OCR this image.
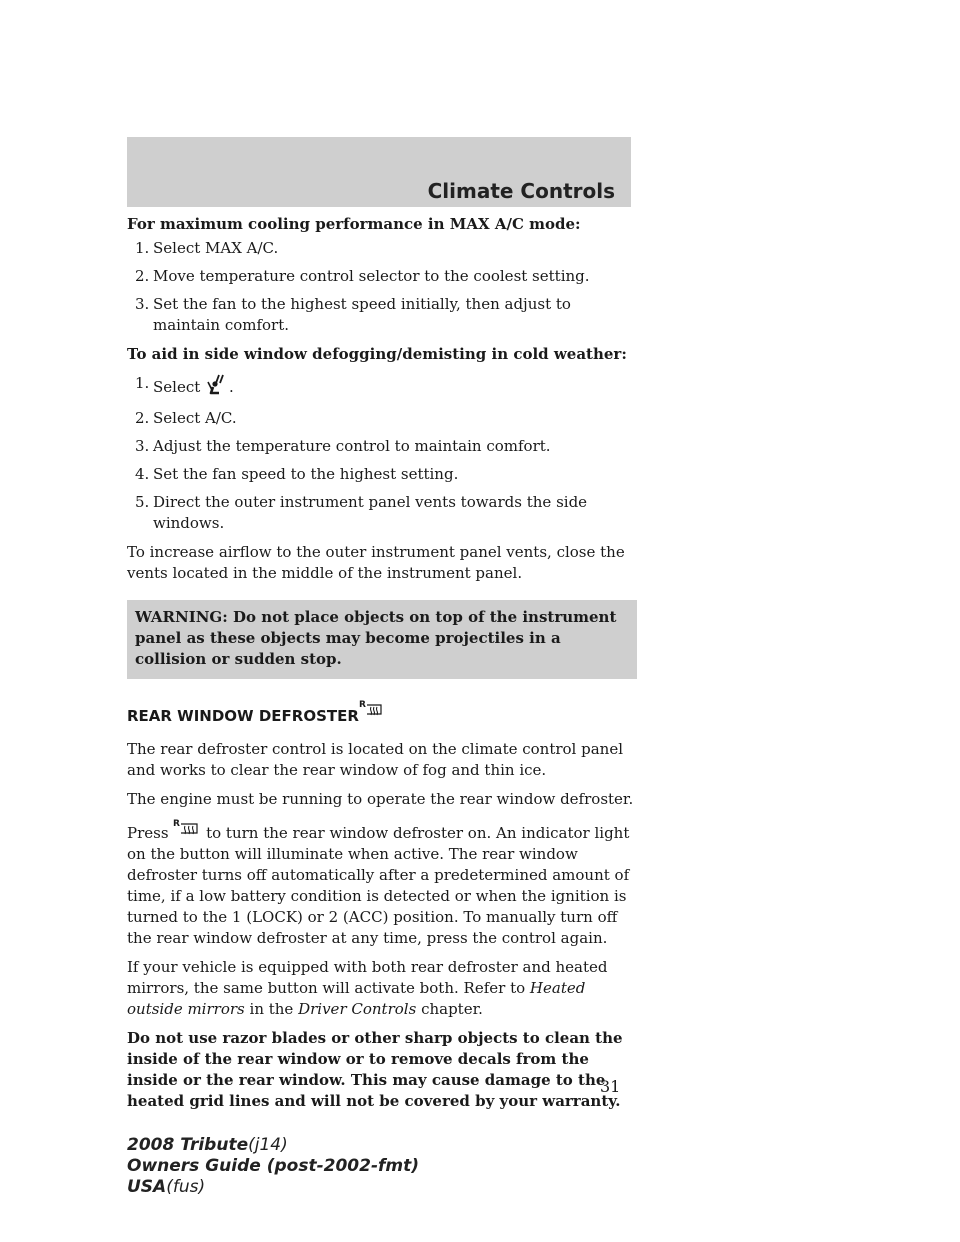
Climate Controls

For maximum cooling performance in MAX A/C mode:

1. Select MAX A/C.
2. Move temperature control selector to the coolest setting.
3. Set the fan to the highest speed initially, then adjust to maintain comfort.

To aid in side window defogging/demisting in cold weather:

1. Select .
2. Select A/C.
3. Adjust the temperature control to maintain comfort.
4. Set the fan speed to the highest setting.
5. Direct the outer instrument panel vents towards the side windows.

To increase airflow to the outer instrument panel vents, close the vents located in the middle of the instrument panel.

WARNING: Do not place objects on top of the instrument panel as these objects may become projectiles in a collision or sudden stop.
REAR WINDOW DEFROSTER
R

The rear defroster control is located on the climate control panel and works to clear the rear window of fog and thin ice.

The engine must be running to operate the rear window defroster.

Press R to turn the rear window defroster on. An indicator light on the button will illuminate when active. The rear window defroster turns off automatically after a predetermined amount of time, if a low battery condition is detected or when the ignition is turned to the 1 (LOCK) or 2 (ACC) position. To manually turn off the rear window defroster at any time, press the control again.

If your vehicle is equipped with both rear defroster and heated mirrors, the same button will activate both. Refer to Heated outside mirrors in the Driver Controls chapter.

Do not use razor blades or other sharp objects to clean the inside of the rear window or to remove decals from the inside or the rear window. This may cause damage to the heated grid lines and will not be covered by your warranty.

31
2008 Tribute(j14)
Owners Guide (post-2002-fmt)
USA(fus)
